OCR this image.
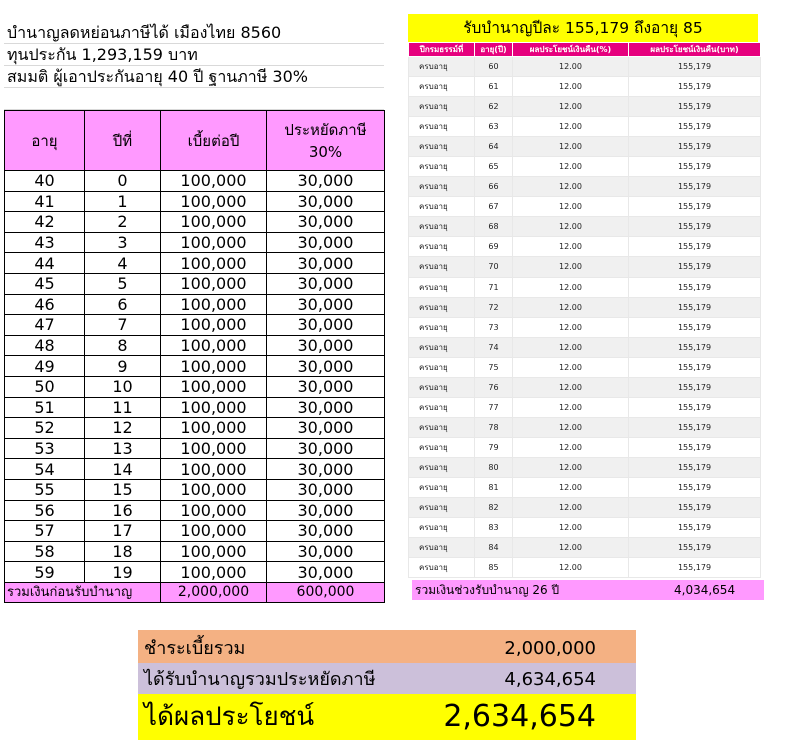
บำนาญลดหย่อนภาษีได้ เมืองไทย 8560
ทุนประกัน 1,293,159 บาท
สมมติ ผู้เอาประกันอายุ 40 ปี ฐานภาษี 30%
อายุ	ปีที่	เบี้ยต่อปี	ประหยัดภาษี 30%
40	0	100,000	30,000
41	1	100,000	30,000
42	2	100,000	30,000
43	3	100,000	30,000
44	4	100,000	30,000
45	5	100,000	30,000
46	6	100,000	30,000
47	7	100,000	30,000
48	8	100,000	30,000
49	9	100,000	30,000
50	10	100,000	30,000
51	11	100,000	30,000
52	12	100,000	30,000
53	13	100,000	30,000
54	14	100,000	30,000
55	15	100,000	30,000
56	16	100,000	30,000
57	17	100,000	30,000
58	18	100,000	30,000
59	19	100,000	30,000
รวมเงินก่อนรับบำนาญ		2,000,000	600,000
รับบำนาญปีละ 155,179 ถึงอายุ 85
ปีกรมธรรม์ที่	อายุ(ปี)	ผลประโยชน์เงินคืน(%)	ผลประโยชน์เงินคืน(บาท)
ครบอายุ	60	12.00	155,179
ครบอายุ	61	12.00	155,179
ครบอายุ	62	12.00	155,179
ครบอายุ	63	12.00	155,179
ครบอายุ	64	12.00	155,179
ครบอายุ	65	12.00	155,179
ครบอายุ	66	12.00	155,179
ครบอายุ	67	12.00	155,179
ครบอายุ	68	12.00	155,179
ครบอายุ	69	12.00	155,179
ครบอายุ	70	12.00	155,179
ครบอายุ	71	12.00	155,179
ครบอายุ	72	12.00	155,179
ครบอายุ	73	12.00	155,179
ครบอายุ	74	12.00	155,179
ครบอายุ	75	12.00	155,179
ครบอายุ	76	12.00	155,179
ครบอายุ	77	12.00	155,179
ครบอายุ	78	12.00	155,179
ครบอายุ	79	12.00	155,179
ครบอายุ	80	12.00	155,179
ครบอายุ	81	12.00	155,179
ครบอายุ	82	12.00	155,179
ครบอายุ	83	12.00	155,179
ครบอายุ	84	12.00	155,179
ครบอายุ	85	12.00	155,179
รวมเงินช่วงรับบำนาญ 26 ปี	4,034,654
ชำระเบี้ยรวม	2,000,000
ได้รับบำนาญรวมประหยัดภาษี	4,634,654
ได้ผลประโยชน์	2,634,654
